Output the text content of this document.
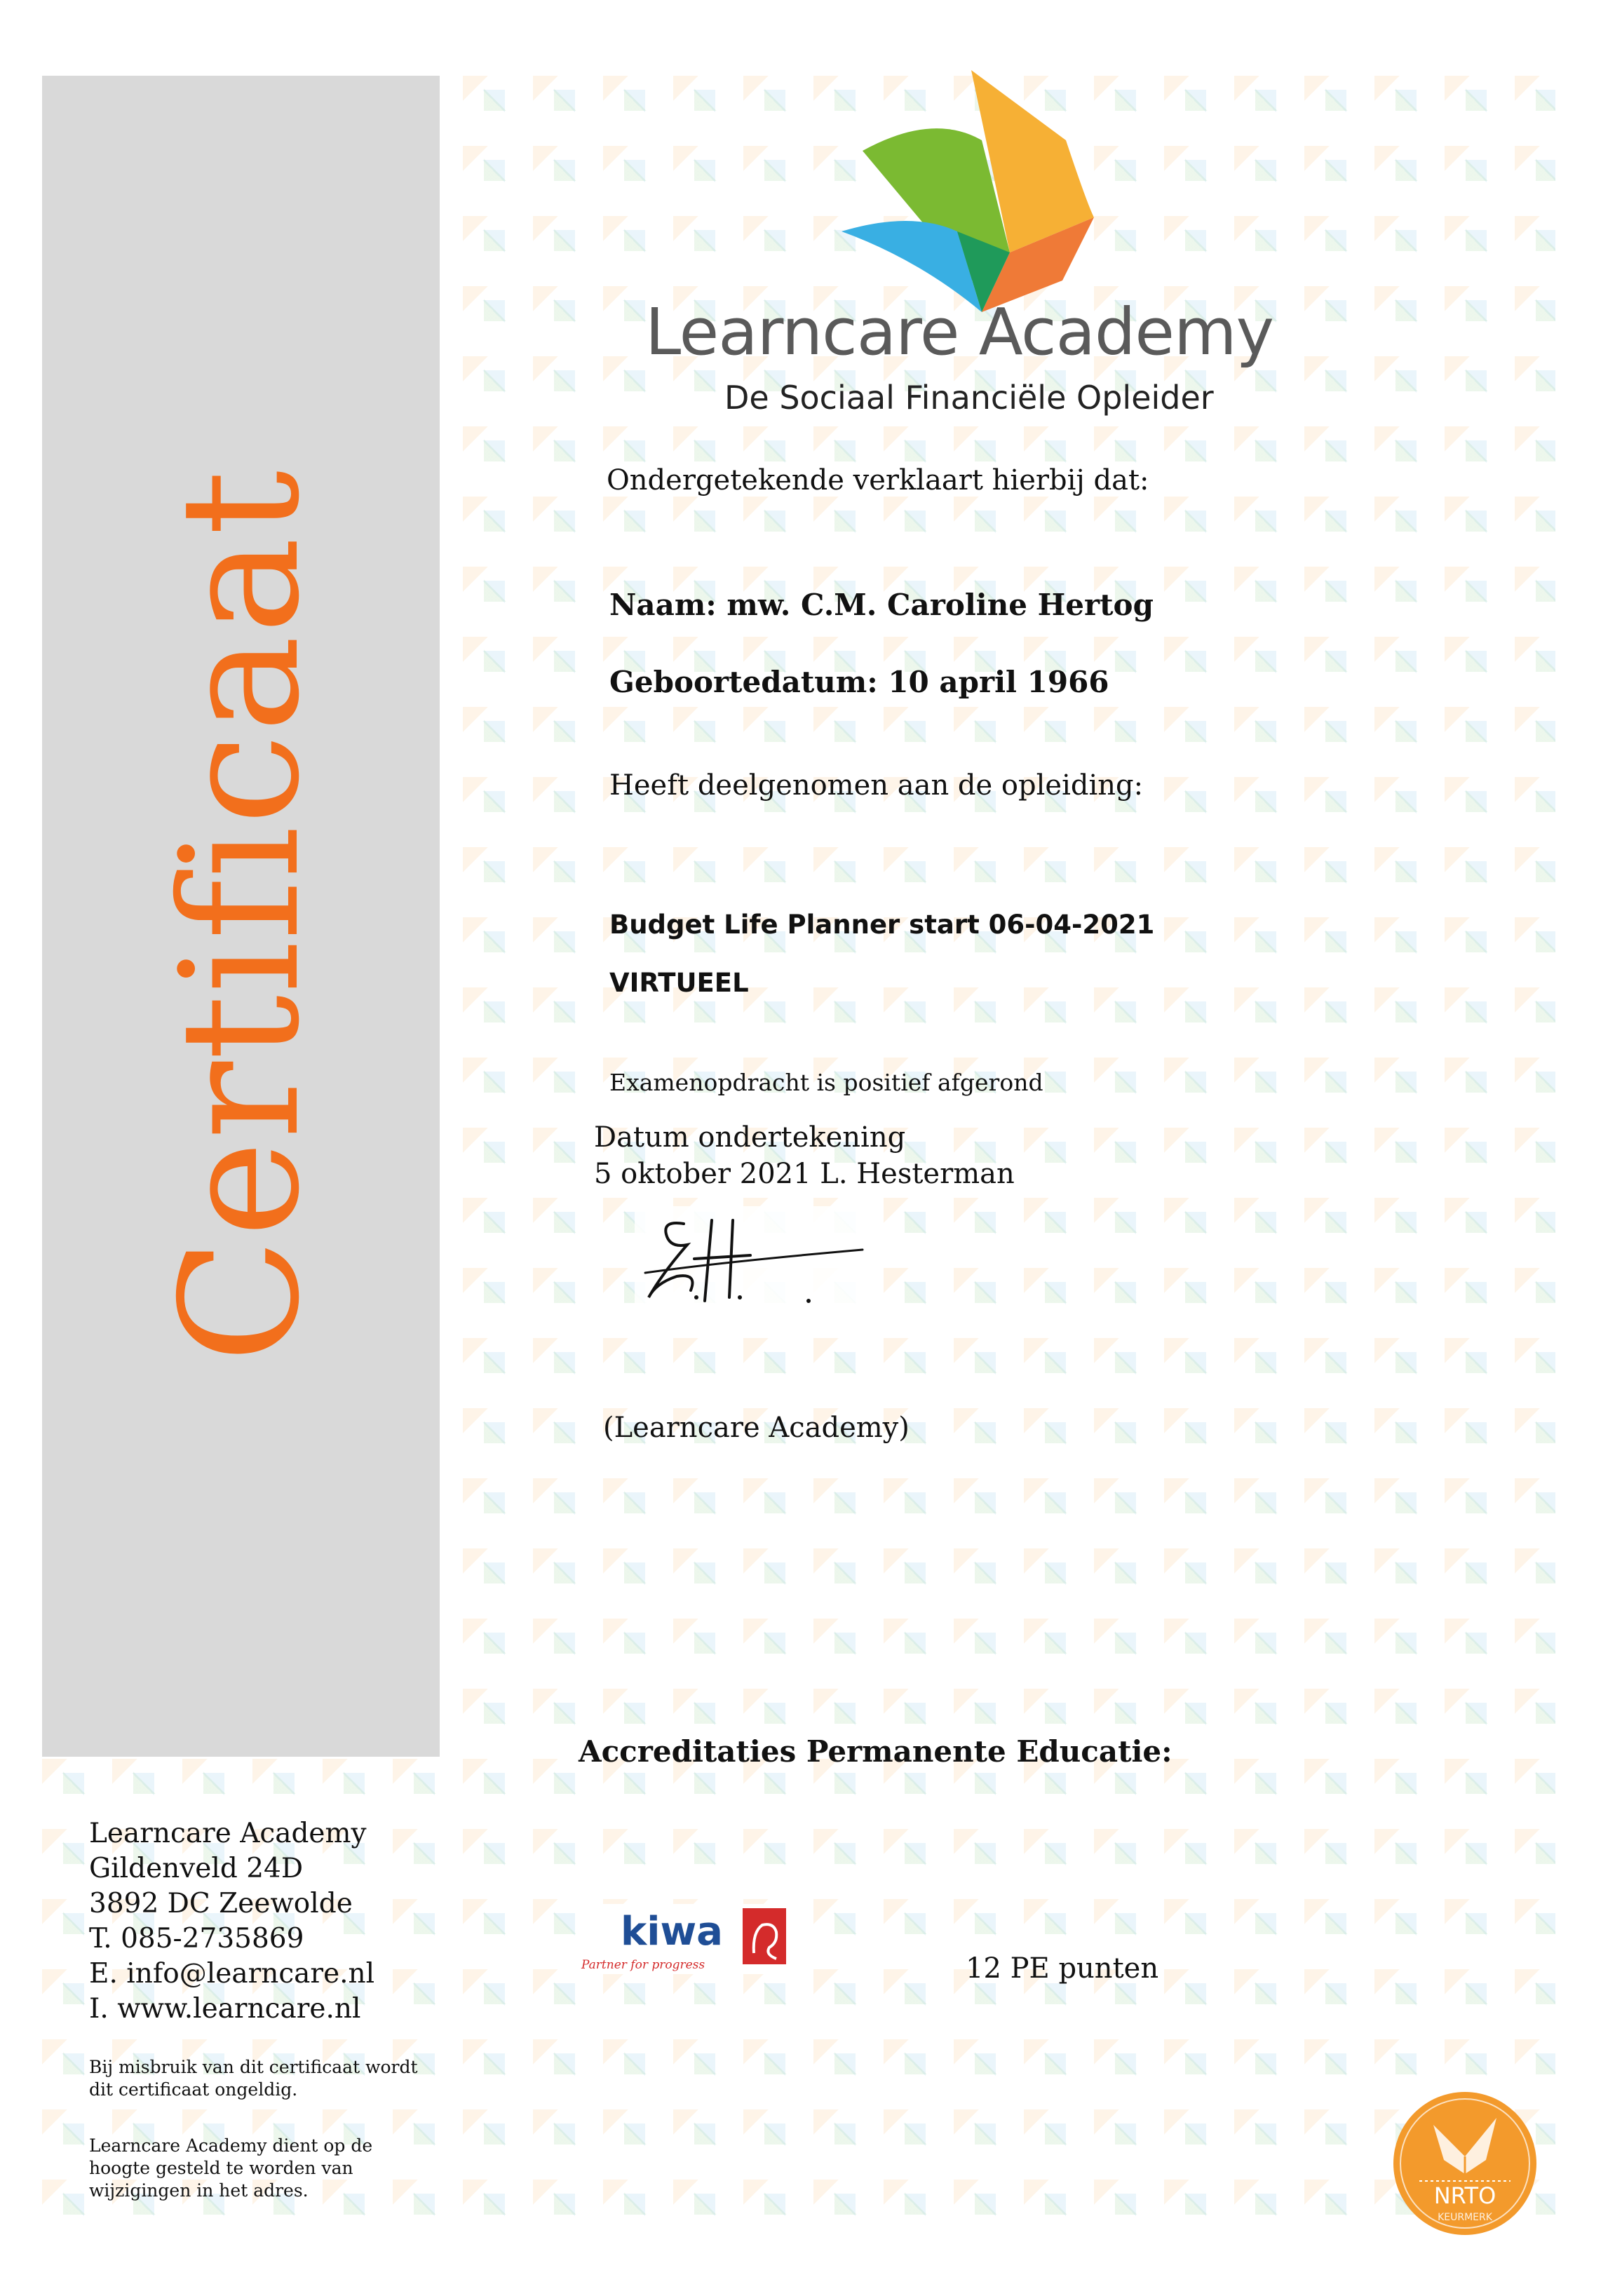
Certificaat
Learncare Academy
De Sociaal Financiële Opleider
Ondergetekende verklaart hierbij dat:
Naam: mw. C.M. Caroline Hertog
Geboortedatum: 10 april 1966
Heeft deelgenomen aan de opleiding:
Budget Life Planner start 06-04-2021
VIRTUEEL
Examenopdracht is positief afgerond
Datum ondertekening
5 oktober 2021 L. Hesterman
(Learncare Academy)
Accreditaties Permanente Educatie:
kiwa
Partner for progress	12 PE punten
Learncare Academy
Gildenveld 24D
3892 DC Zeewolde
T. 085-2735869
E. info@learncare.nl
I. www.learncare.nl
Bij misbruik van dit certificaat wordt dit certificaat ongeldig.
Learncare Academy dient op de hoogte gesteld te worden van wijzigingen in het adres.	NRTO
KEURMERK
